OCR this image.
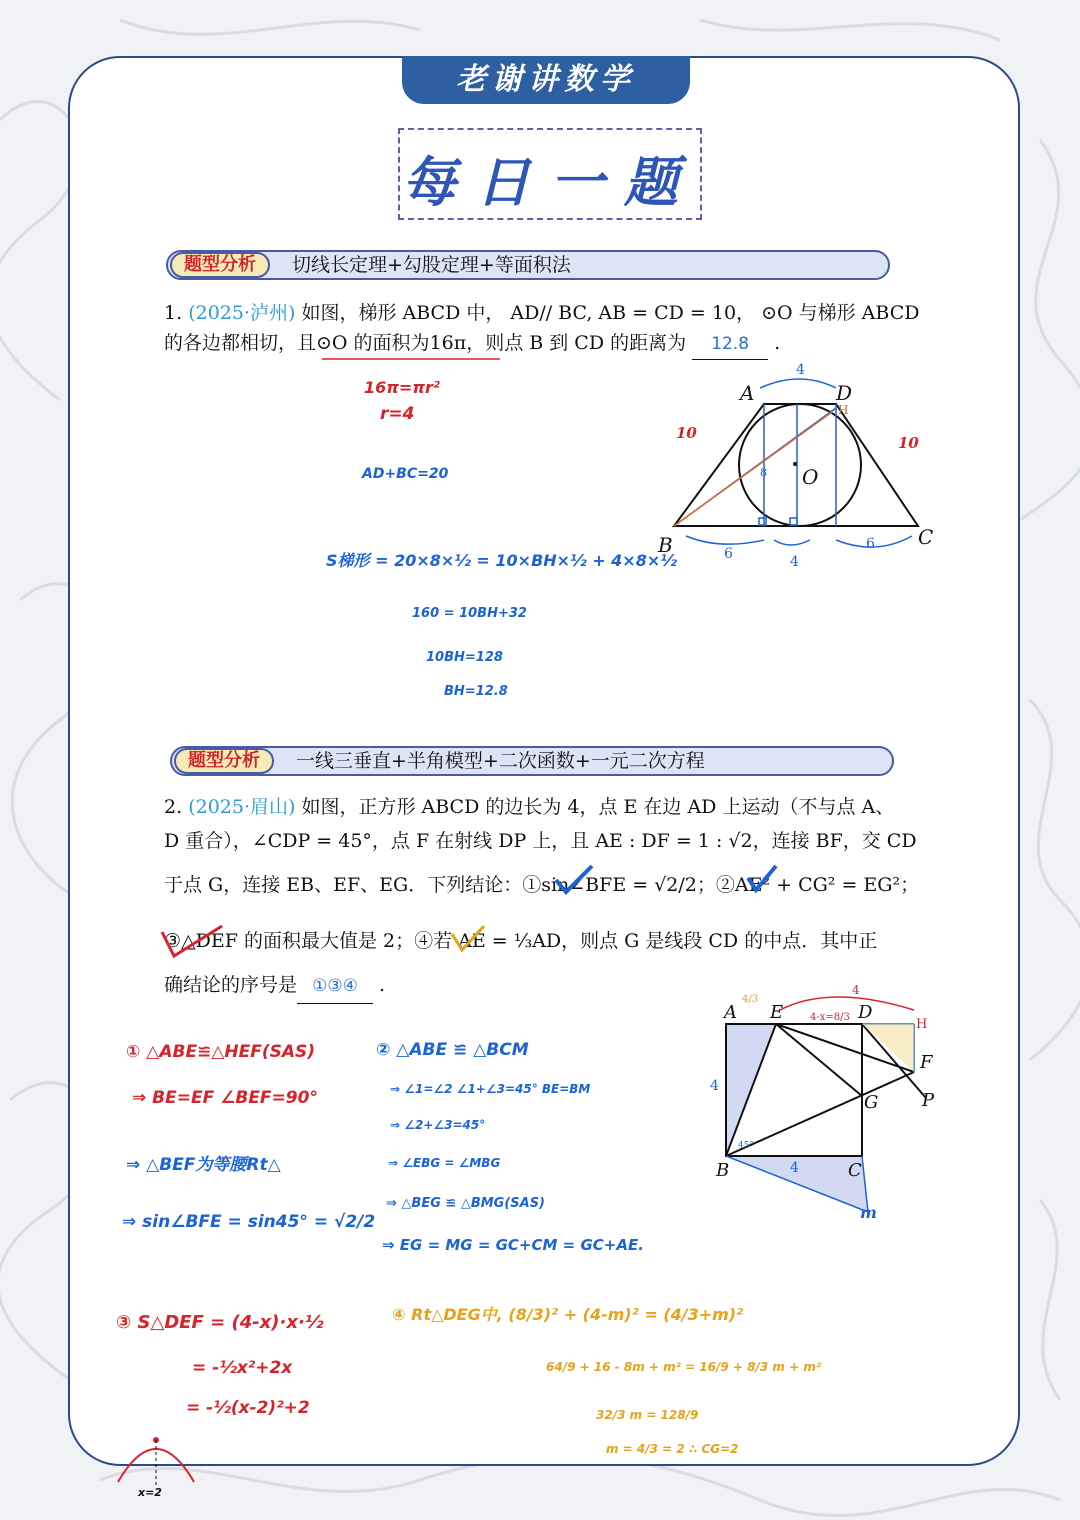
老谢讲数学
每日一题
题型分析	切线长定理+勾股定理+等面积法
1. (2025·泸州) 如图，梯形 ABCD 中， AD// BC, AB = CD = 10， ⊙O 与梯形 ABCD
的各边都相切，且⊙O 的面积为16π，则点 B 到 CD 的距离为 12.8 .
16π=πr²
r=4
AD+BC=20
S梯形 = 20×8×½ = 10×BH×½ + 4×8×½
160 = 10BH+32
10BH=128
BH=12.8
A	D
B	C
O
H
4
10
10
6	4
6
8
题型分析	一线三垂直+半角模型+二次函数+一元二次方程
2. (2025·眉山) 如图，正方形 ABCD 的边长为 4，点 E 在边 AD 上运动（不与点 A、
D 重合），∠CDP = 45°，点 F 在射线 DP 上，且 AE : DF = 1 : √2，连接 BF，交 CD
于点 G，连接 EB、EF、EG．下列结论：①sin∠BFE = √2/2；②AE² + CG² = EG²；
③△DEF 的面积最大值是 2；④若 AE = ⅓AD，则点 G 是线段 CD 的中点．其中正
确结论的序号是 ①③④ .
① △ABE≌△HEF(SAS)
⇒ BE=EF ∠BEF=90°
⇒ △BEF为等腰Rt△
⇒ sin∠BFE = sin45° = √2/2
③ S△DEF = (4-x)·x·½
= -½x²+2x
= -½(x-2)²+2
x=2
② △ABE ≌ △BCM
⇒ ∠1=∠2 ∠1+∠3=45° BE=BM
⇒ ∠2+∠3=45°
⇒ ∠EBG = ∠MBG
⇒ △BEG ≌ △BMG(SAS)
⇒ EG = MG = GC+CM = GC+AE.
④ Rt△DEG中, (8/3)² + (4-m)² = (4/3+m)²
64/9 + 16 - 8m + m² = 16/9 + 8/3 m + m²
32/3 m = 128/9
m = 4/3 = 2 ∴ CG=2
A E	D
H
F
P
G
B	C
m
4
4
4
4/3
4-x=8/3
45°
